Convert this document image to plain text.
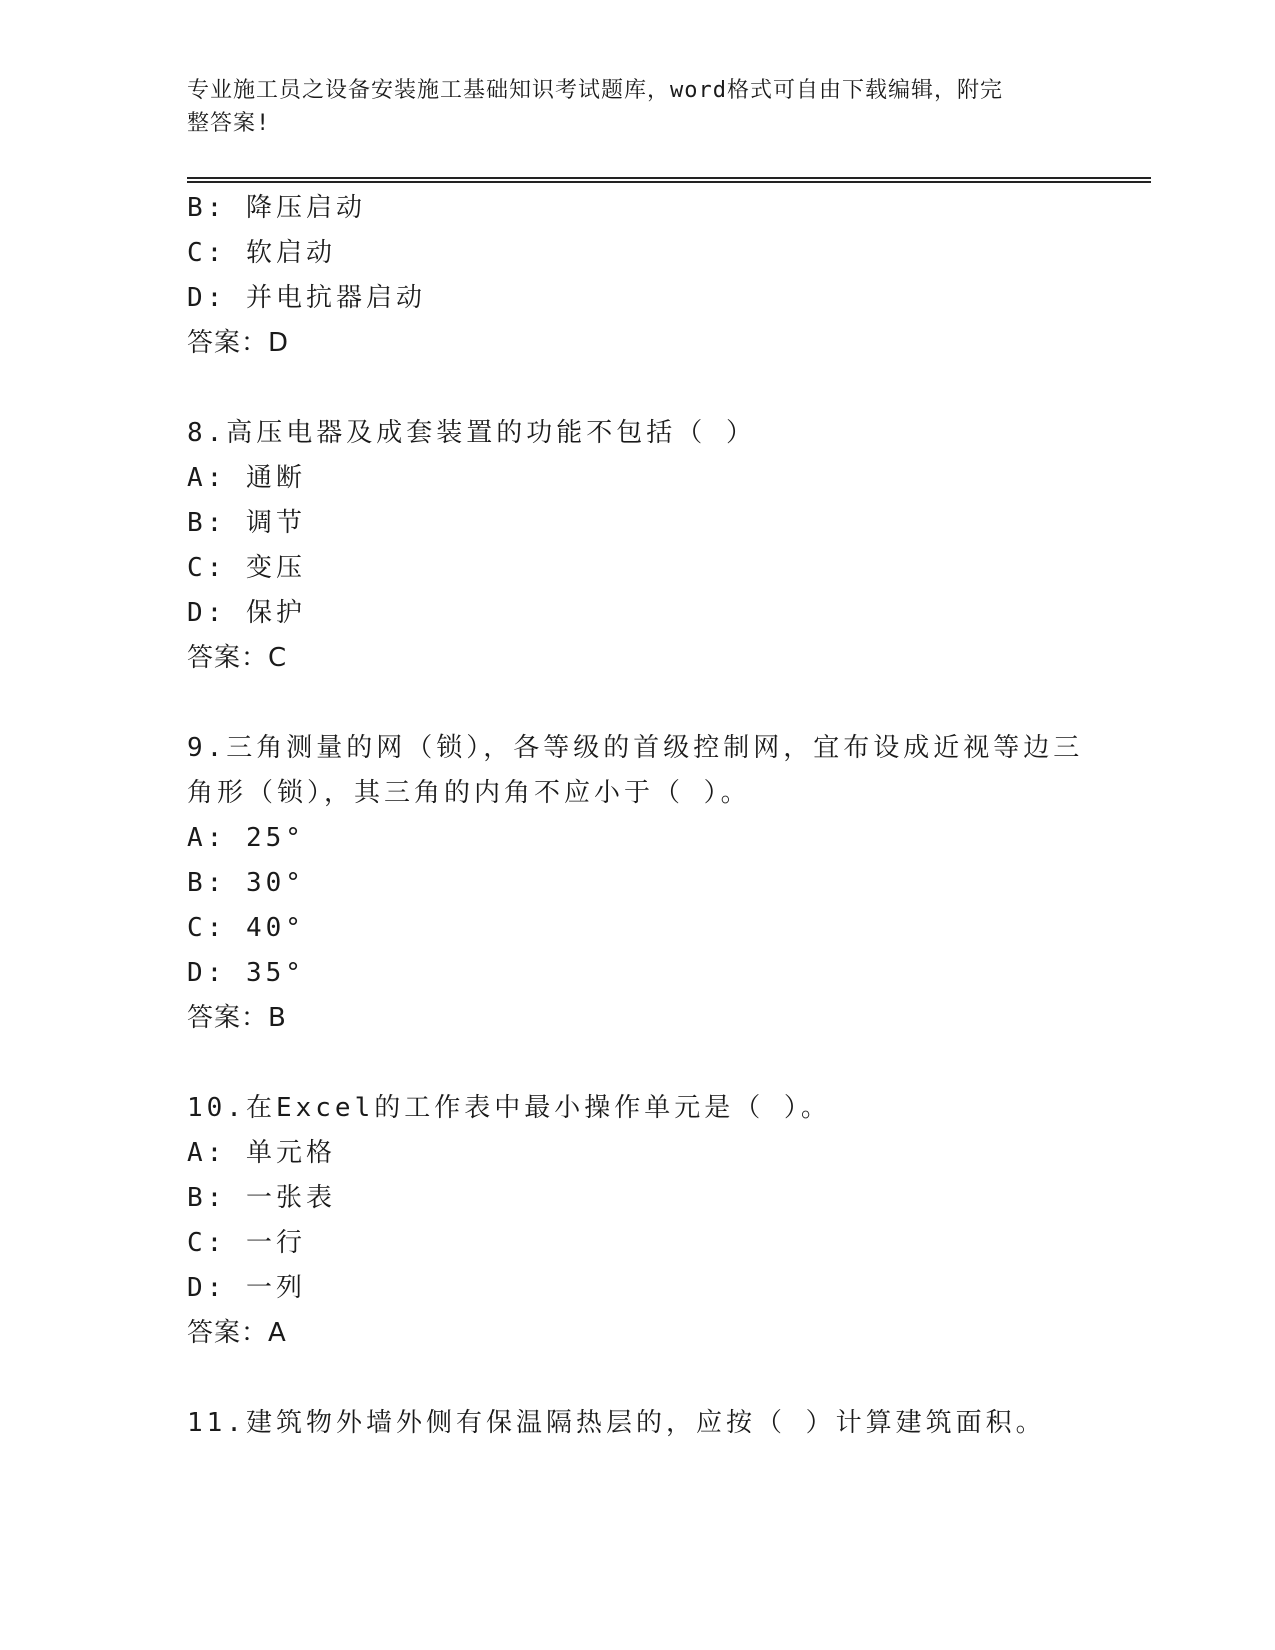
专业施工员之设备安装施工基础知识考试题库，word格式可自由下载编辑，附完
整答案!
B: 降压启动
C: 软启动
D: 并电抗器启动
答案：D
8.高压电器及成套装置的功能不包括（ ）
A: 通断
B: 调节
C: 变压
D: 保护
答案：C
9.三角测量的网（锁），各等级的首级控制网，宜布设成近视等边三
角形（锁），其三角的内角不应小于（ ）。
A: 25°
B: 30°
C: 40°
D: 35°
答案：B
10.在Excel的工作表中最小操作单元是（ ）。
A: 单元格
B: 一张表
C: 一行
D: 一列
答案：A
11.建筑物外墙外侧有保温隔热层的，应按（ ）计算建筑面积。
